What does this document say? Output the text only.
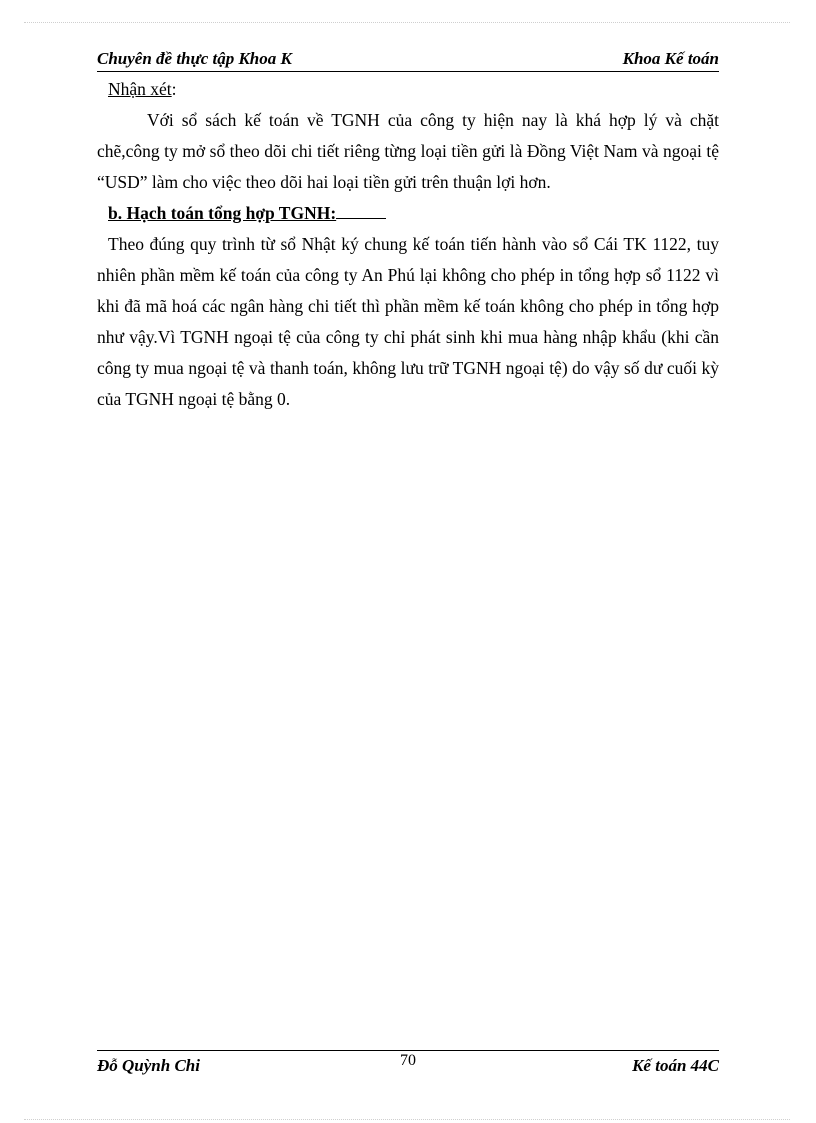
Chuyên đề thực tập Khoa K	Khoa Kế toán

Nhận xét:

Với sổ sách kế toán về TGNH của công ty hiện nay là khá hợp lý và chặt chẽ,công ty mở sổ theo dõi chi tiết riêng từng loại tiền gửi là Đồng Việt Nam và ngoại tệ “USD” làm cho việc theo dõi hai loại tiền gửi trên thuận lợi hơn.

b. Hạch toán tổng hợp TGNH:

Theo đúng quy trình từ sổ Nhật ký chung kế toán tiến hành vào sổ Cái TK 1122, tuy nhiên phần mềm kế toán của công ty An Phú lại không cho phép in tổng hợp sổ 1122 vì khi đã mã hoá các ngân hàng chi tiết thì phần mềm kế toán không cho phép in tổng hợp như vậy.Vì TGNH ngoại tệ của công ty chỉ phát sinh khi mua hàng nhập khẩu (khi cần công ty mua ngoại tệ và thanh toán, không lưu trữ TGNH ngoại tệ) do vậy số dư cuối kỳ của TGNH ngoại tệ bằng 0.

Đỗ Quỳnh Chi	70	Kế toán 44C
